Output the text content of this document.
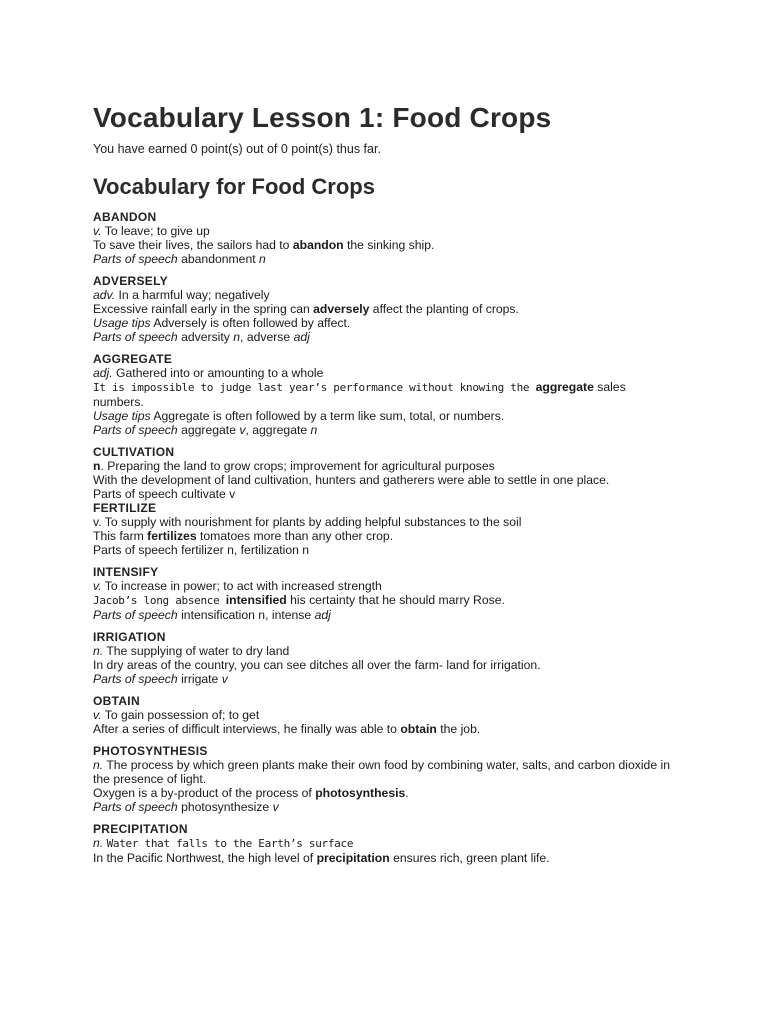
Vocabulary Lesson 1: Food Crops

You have earned 0 point(s) out of 0 point(s) thus far.

Vocabulary for Food Crops
ABANDON
v. To leave; to give up
To save their lives, the sailors had to abandon the sinking ship.
Parts of speech abandonment n
ADVERSELY
adv. In a harmful way; negatively
Excessive rainfall early in the spring can adversely affect the planting of crops.
Usage tips Adversely is often followed by affect.
Parts of speech adversity n, adverse adj
AGGREGATE
adj. Gathered into or amounting to a whole
It is impossible to judge last year’s performance without knowing the aggregate sales numbers.
Usage tips Aggregate is often followed by a term like sum, total, or numbers.
Parts of speech aggregate v, aggregate n
CULTIVATION
n. Preparing the land to grow crops; improvement for agricultural purposes
With the development of land cultivation, hunters and gatherers were able to settle in one place.
Parts of speech cultivate v
FERTILIZE
v. To supply with nourishment for plants by adding helpful substances to the soil
This farm fertilizes tomatoes more than any other crop.
Parts of speech fertilizer n, fertilization n
INTENSIFY
v. To increase in power; to act with increased strength
Jacob’s long absence intensified his certainty that he should marry Rose.
Parts of speech intensification n, intense adj
IRRIGATION
n. The supplying of water to dry land
In dry areas of the country, you can see ditches all over the farm- land for irrigation.
Parts of speech irrigate v
OBTAIN
v. To gain possession of; to get
After a series of difficult interviews, he finally was able to obtain the job.
PHOTOSYNTHESIS
n. The process by which green plants make their own food by combining water, salts, and carbon dioxide in the presence of light.
Oxygen is a by-product of the process of photosynthesis.
Parts of speech photosynthesize v
PRECIPITATION
n. Water that falls to the Earth’s surface
In the Pacific Northwest, the high level of precipitation ensures rich, green plant life.
